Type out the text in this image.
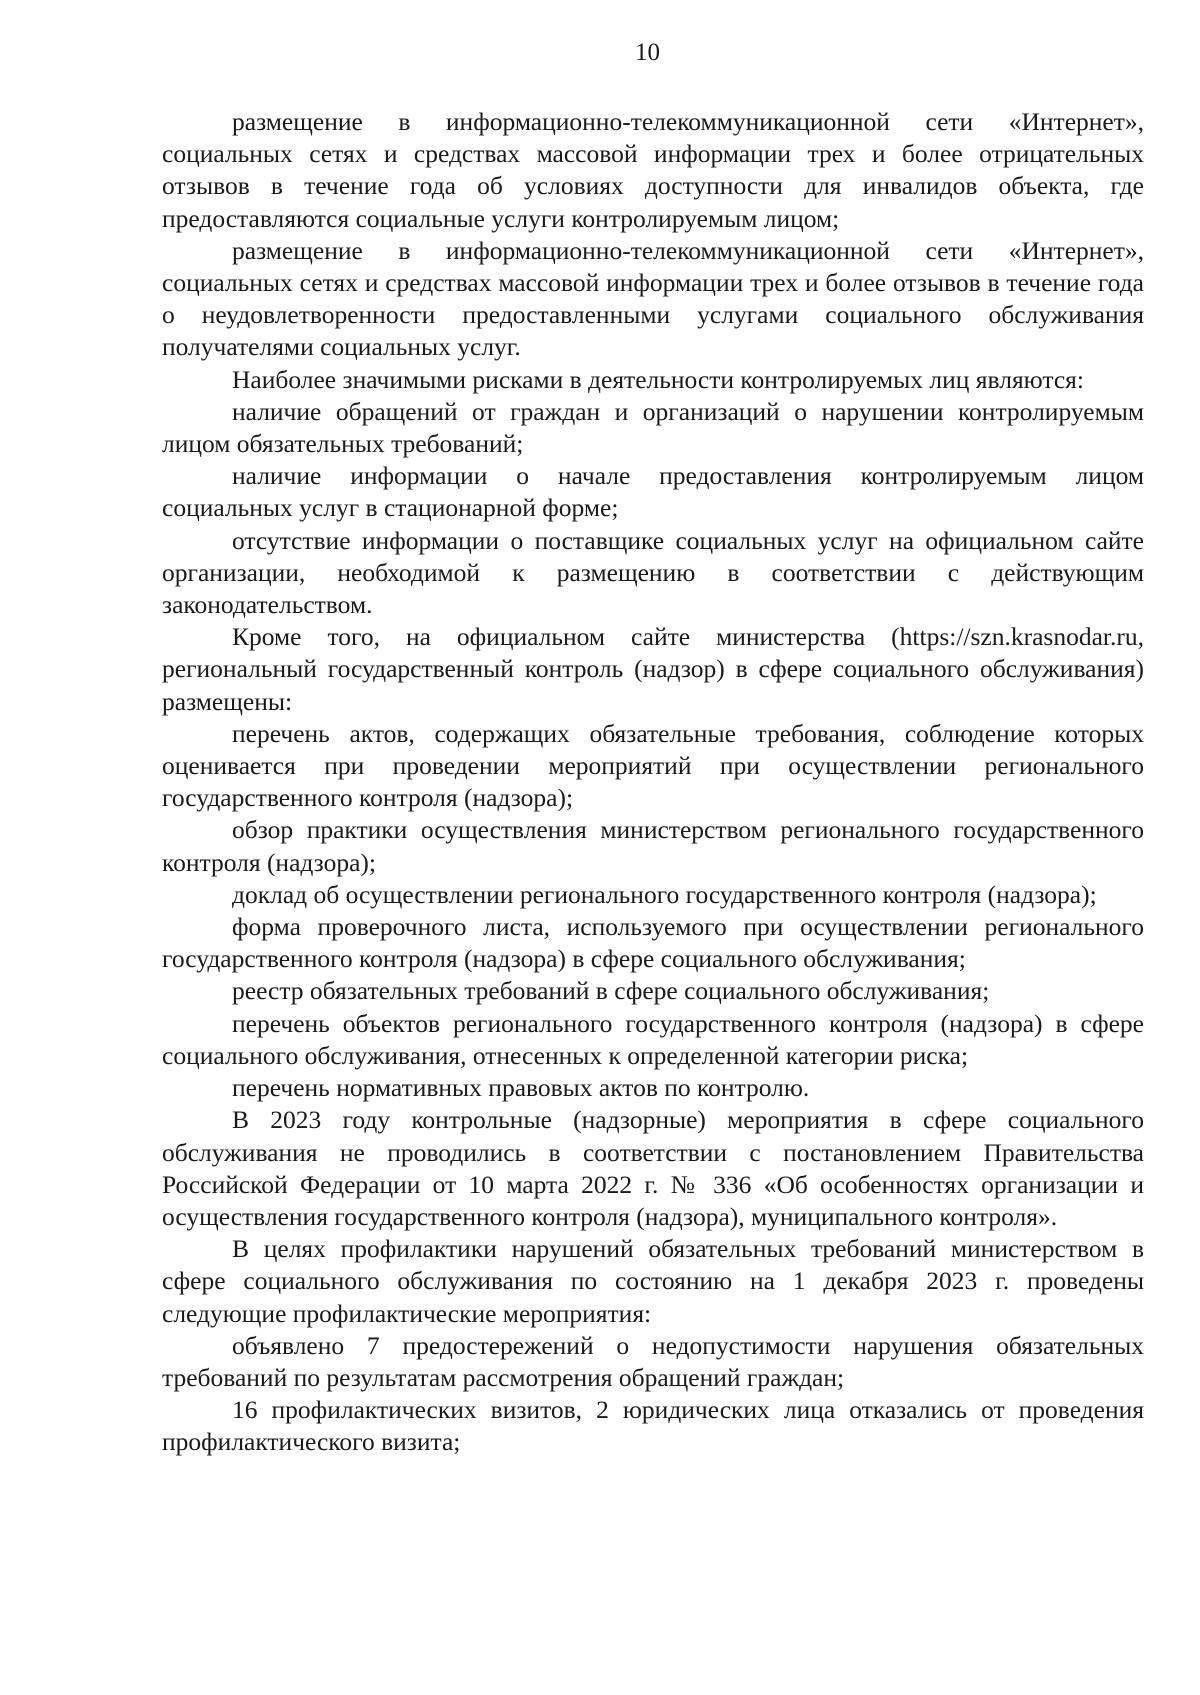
10

размещение в информационно-телекоммуникационной сети «Интернет», социальных сетях и средствах массовой информации трех и более отрицательных отзывов в течение года об условиях доступности для инвалидов объекта, где предоставляются социальные услуги контролируемым лицом;

размещение в информационно-телекоммуникационной сети «Интернет», социальных сетях и средствах массовой информации трех и более отзывов в течение года о неудовлетворенности предоставленными услугами социального обслуживания получателями социальных услуг.

Наиболее значимыми рисками в деятельности контролируемых лиц являются:

наличие обращений от граждан и организаций о нарушении контролируемым лицом обязательных требований;

наличие информации о начале предоставления контролируемым лицом социальных услуг в стационарной форме;

отсутствие информации о поставщике социальных услуг на официальном сайте организации, необходимой к размещению в соответствии с действующим законодательством.

Кроме того, на официальном сайте министерства (https://szn.krasnodar.ru, региональный государственный контроль (надзор) в сфере социального обслуживания) размещены:

перечень актов, содержащих обязательные требования, соблюдение которых оценивается при проведении мероприятий при осуществлении регионального государственного контроля (надзора);

обзор практики осуществления министерством регионального государственного контроля (надзора);

доклад об осуществлении регионального государственного контроля (надзора);

форма проверочного листа, используемого при осуществлении регионального государственного контроля (надзора) в сфере социального обслуживания;

реестр обязательных требований в сфере социального обслуживания;

перечень объектов регионального государственного контроля (надзора) в сфере социального обслуживания, отнесенных к определенной категории риска;

перечень нормативных правовых актов по контролю.

В 2023 году контрольные (надзорные) мероприятия в сфере социального обслуживания не проводились в соответствии с постановлением Правительства Российской Федерации от 10 марта 2022 г. № 336 «Об особенностях организации и осуществления государственного контроля (надзора), муниципального контроля».

В целях профилактики нарушений обязательных требований министерством в сфере социального обслуживания по состоянию на 1 декабря 2023 г. проведены следующие профилактические мероприятия:

объявлено 7 предостережений о недопустимости нарушения обязательных требований по результатам рассмотрения обращений граждан;

16 профилактических визитов, 2 юридических лица отказались от проведения профилактического визита;
